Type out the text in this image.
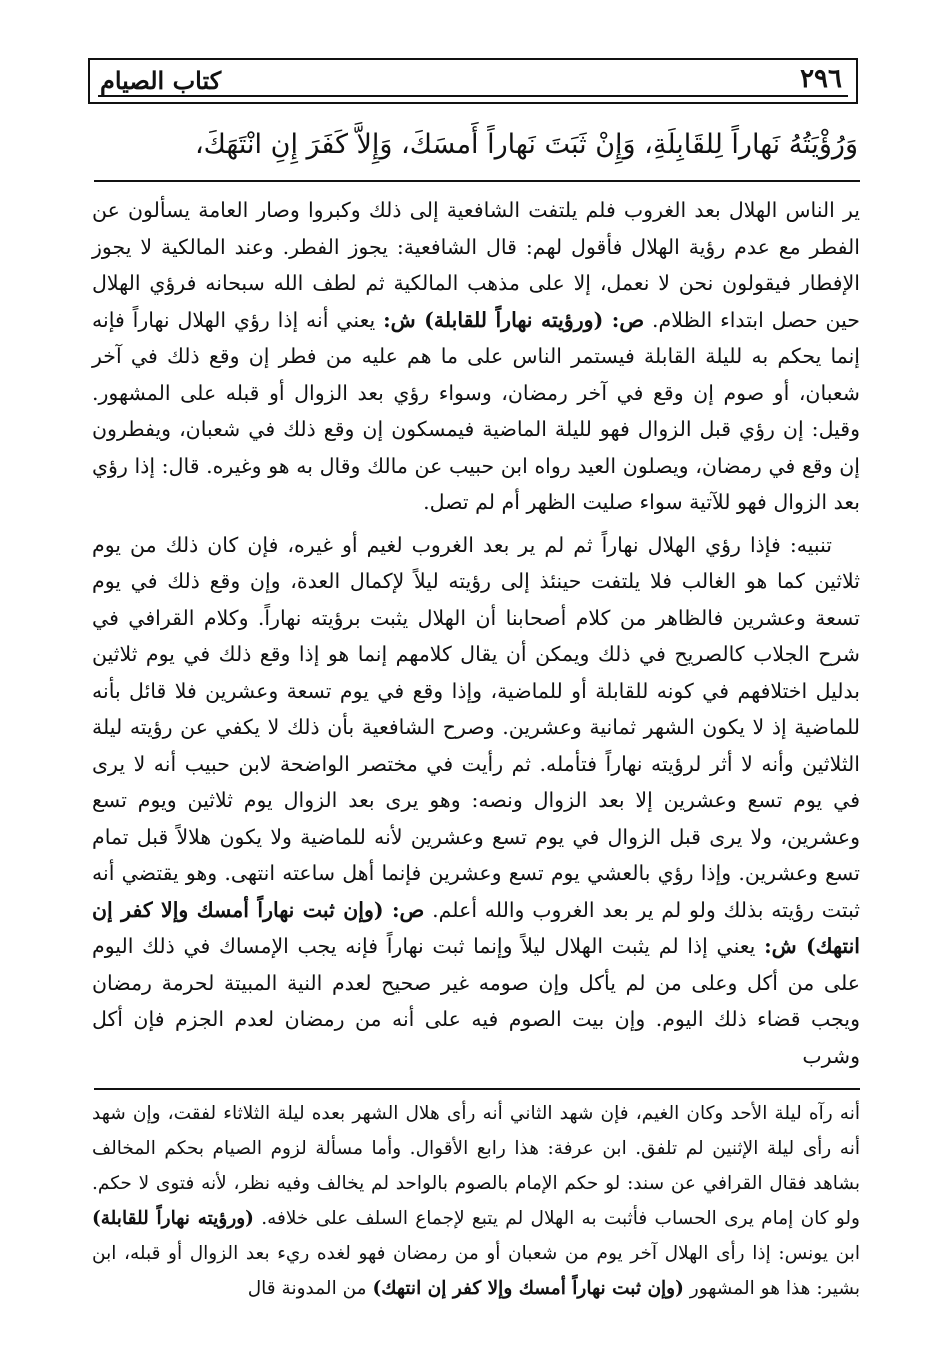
كتاب الصيام	٢٩٦
وَرُؤْيَتُهُ نَهاراً لِلقَابِلَةِ، وَإِنْ ثَبَتَ نَهاراً أَمسَكَ، وَإِلاَّ كَفَرَ إِنِ انْتَهَكَ،

ير الناس الهلال بعد الغروب فلم يلتفت الشافعية إلى ذلك وكبروا وصار العامة يسألون عن الفطر مع عدم رؤية الهلال فأقول لهم: قال الشافعية: يجوز الفطر. وعند المالكية لا يجوز الإفطار فيقولون نحن لا نعمل، إلا على مذهب المالكية ثم لطف الله سبحانه فرؤي الهلال حين حصل ابتداء الظلام. ص: (ورؤيته نهاراً للقابلة) ش: يعني أنه إذا رؤي الهلال نهاراً فإنه إنما يحكم به لليلة القابلة فيستمر الناس على ما هم عليه من فطر إن وقع ذلك في آخر شعبان، أو صوم إن وقع في آخر رمضان، وسواء رؤي بعد الزوال أو قبله على المشهور. وقيل: إن رؤي قبل الزوال فهو لليلة الماضية فيمسكون إن وقع ذلك في شعبان، ويفطرون إن وقع في رمضان، ويصلون العيد رواه ابن حبيب عن مالك وقال به هو وغيره. قال: إذا رؤي بعد الزوال فهو للآتية سواء صليت الظهر أم لم تصل.

تنبيه: فإذا رؤي الهلال نهاراً ثم لم ير بعد الغروب لغيم أو غيره، فإن كان ذلك من يوم ثلاثين كما هو الغالب فلا يلتفت حينئذ إلى رؤيته ليلاً لإكمال العدة، وإن وقع ذلك في يوم تسعة وعشرين فالظاهر من كلام أصحابنا أن الهلال يثبت برؤيته نهاراً. وكلام القرافي في شرح الجلاب كالصريح في ذلك ويمكن أن يقال كلامهم إنما هو إذا وقع ذلك في يوم ثلاثين بدليل اختلافهم في كونه للقابلة أو للماضية، وإذا وقع في يوم تسعة وعشرين فلا قائل بأنه للماضية إذ لا يكون الشهر ثمانية وعشرين. وصرح الشافعية بأن ذلك لا يكفي عن رؤيته ليلة الثلاثين وأنه لا أثر لرؤيته نهاراً فتأمله. ثم رأيت في مختصر الواضحة لابن حبيب أنه لا يرى في يوم تسع وعشرين إلا بعد الزوال ونصه: وهو يرى بعد الزوال يوم ثلاثين ويوم تسع وعشرين، ولا يرى قبل الزوال في يوم تسع وعشرين لأنه للماضية ولا يكون هلالاً قبل تمام تسع وعشرين. وإذا رؤي بالعشي يوم تسع وعشرين فإنما أهل ساعته انتهى. وهو يقتضي أنه ثبتت رؤيته بذلك ولو لم ير بعد الغروب والله أعلم. ص: (وإن ثبت نهاراً أمسك وإلا كفر إن انتهك) ش: يعني إذا لم يثبت الهلال ليلاً وإنما ثبت نهاراً فإنه يجب الإمساك في ذلك اليوم على من أكل وعلى من لم يأكل وإن صومه غير صحيح لعدم النية المبيتة لحرمة رمضان ويجب قضاء ذلك اليوم. وإن بيت الصوم فيه على أنه من رمضان لعدم الجزم فإن أكل وشرب

أنه رآه ليلة الأحد وكان الغيم، فإن شهد الثاني أنه رأى هلال الشهر بعده ليلة الثلاثاء لفقت، وإن شهد أنه رأى ليلة الإثنين لم تلفق. ابن عرفة: هذا رابع الأقوال. وأما مسألة لزوم الصيام بحكم المخالف بشاهد فقال القرافي عن سند: لو حكم الإمام بالصوم بالواحد لم يخالف وفيه نظر، لأنه فتوى لا حكم. ولو كان إمام يرى الحساب فأثبت به الهلال لم يتبع لإجماع السلف على خلافه. (ورؤيته نهاراً للقابلة) ابن يونس: إذا رأى الهلال آخر يوم من شعبان أو من رمضان فهو لغده ريء بعد الزوال أو قبله، ابن بشير: هذا هو المشهور (وإن ثبت نهاراً أمسك وإلا كفر إن انتهك) من المدونة قال
